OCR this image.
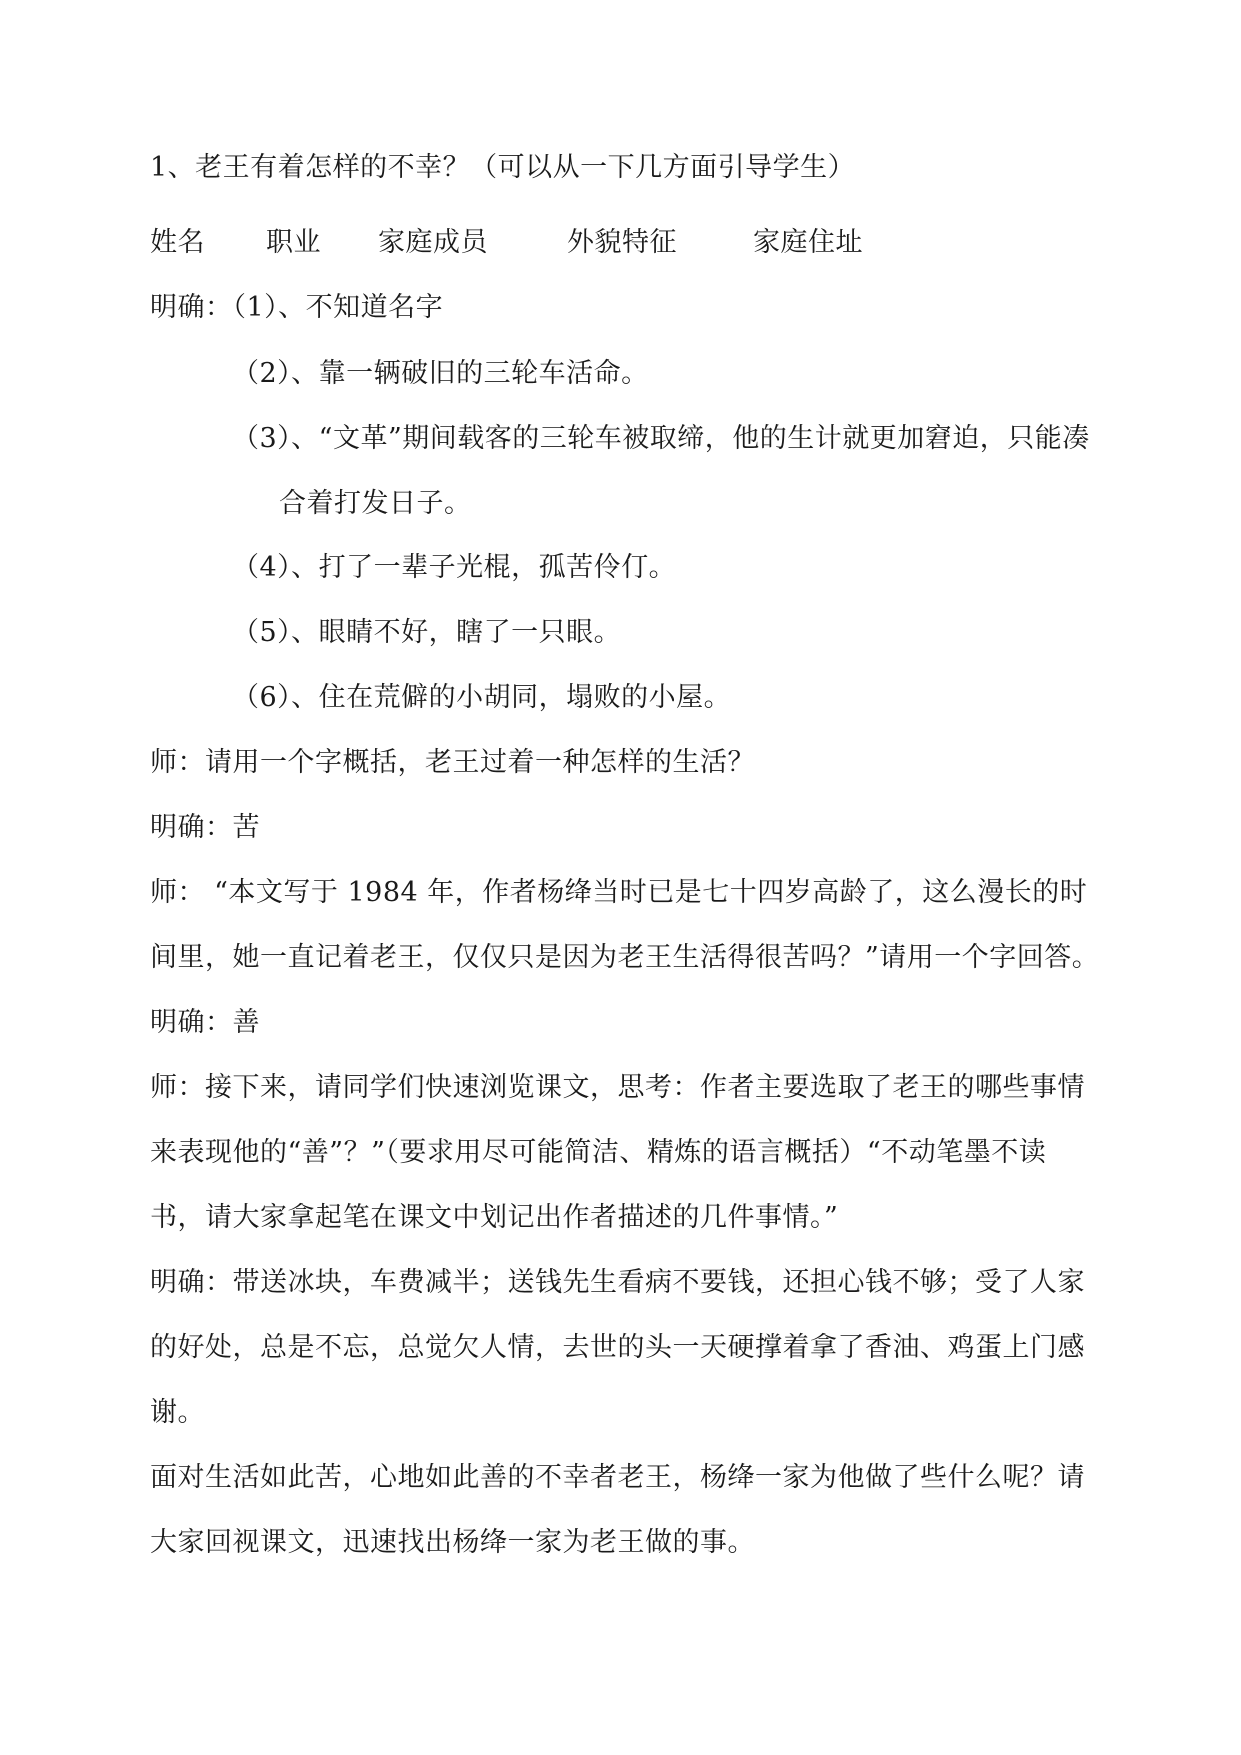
1、老王有着怎样的不幸？（可以从一下几方面引导学生）
姓名 职业 家庭成员	外貌特征	家庭住址
明确：（1）、不知道名字
（2）、靠一辆破旧的三轮车活命。
（3）、“文革”期间载客的三轮车被取缔，他的生计就更加窘迫，只能凑
合着打发日子。
（4）、打了一辈子光棍，孤苦伶仃。
（5）、眼睛不好，瞎了一只眼。
（6）、住在荒僻的小胡同，塌败的小屋。
师：请用一个字概括，老王过着一种怎样的生活？
明确：苦
师： “本文写于 1984 年，作者杨绛当时已是七十四岁高龄了，这么漫长的时
间里，她一直记着老王，仅仅只是因为老王生活得很苦吗？”请用一个字回答。
明确：善
师：接下来，请同学们快速浏览课文，思考：作者主要选取了老王的哪些事情
来表现他的“善”？”（要求用尽可能简洁、精炼的语言概括）“不动笔墨不读
书，请大家拿起笔在课文中划记出作者描述的几件事情。”
明确：带送冰块，车费减半；送钱先生看病不要钱，还担心钱不够；受了人家
的好处，总是不忘，总觉欠人情，去世的头一天硬撑着拿了香油、鸡蛋上门感
谢。
面对生活如此苦，心地如此善的不幸者老王，杨绛一家为他做了些什么呢？请
大家回视课文，迅速找出杨绛一家为老王做的事。
